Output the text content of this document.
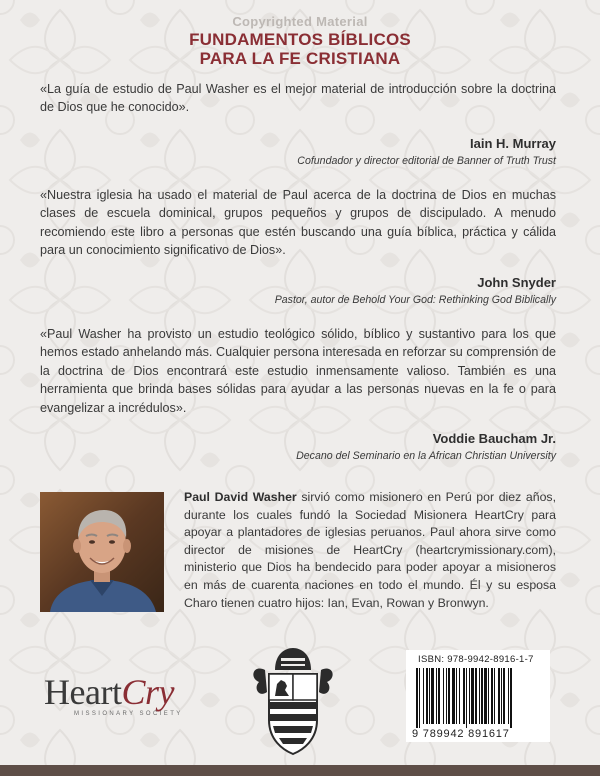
Copyrighted Material
FUNDAMENTOS BÍBLICOS
PARA LA FE CRISTIANA
«La guía de estudio de Paul Washer es el mejor material de introducción sobre la doctrina de Dios que he conocido».
Iain H. Murray
Cofundador y director editorial de Banner of Truth Trust
«Nuestra iglesia ha usado el material de Paul acerca de la doctrina de Dios en muchas clases de escuela dominical, grupos pequeños y grupos de discipulado. A menudo recomiendo este libro a personas que estén buscando una guía bíblica, práctica y cálida para un conocimiento significativo de Dios».
John Snyder
Pastor, autor de Behold Your God: Rethinking God Biblically
«Paul Washer ha provisto un estudio teológico sólido, bíblico y sustantivo para los que hemos estado anhelando más. Cualquier persona interesada en reforzar su comprensión de la doctrina de Dios encontrará este estudio inmensamente valioso. También es una herramienta que brinda bases sólidas para ayudar a las personas nuevas en la fe o para evangelizar a incrédulos».
Voddie Baucham Jr.
Decano del Seminario en la African Christian University
Paul David Washer sirvió como misionero en Perú por diez años, durante los cuales fundó la Sociedad Misionera HeartCry para apoyar a plantadores de iglesias peruanos. Paul ahora sirve como director de misiones de HeartCry (heartcrymissionary.com), ministerio que Dios ha bendecido para poder apoyar a misioneros en más de cuarenta naciones en todo el mundo. Él y su esposa Charo tienen cuatro hijos: Ian, Evan, Rowan y Bronwyn.
HeartCry
MISSIONARY SOCIETY
ISBN: 978-9942-8916-1-7
9 789942 891617
